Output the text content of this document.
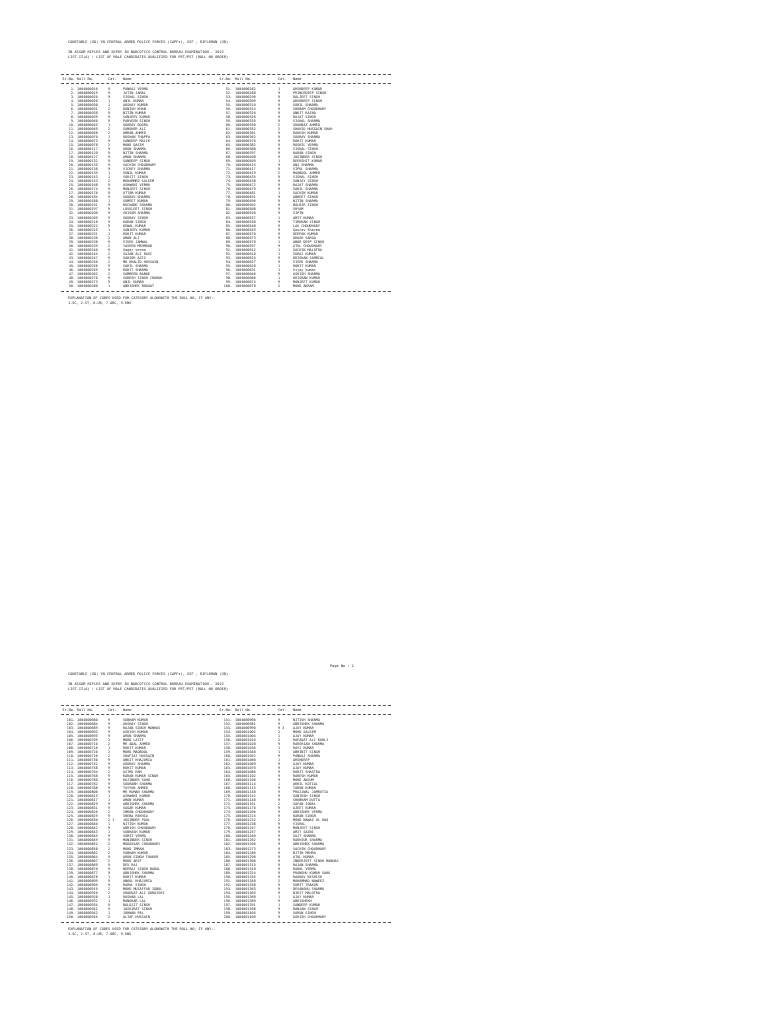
CONSTABLE (GD) IN CENTRAL ARMED POLICE FORCES (CAPFs), SSF , RIFLEMAN (GD)
IN ASSAM RIFLES AND SEPOY IN NARCOTICS CONTROL BUREAU EXAMINATION - 2022
LIST-II(A) : LIST OF MALE CANDIDATES QUALIFIED FOR PET/PST (ROLL NO ORDER)
Sr.No. Roll No.	Cat. Name	Sr.No. Roll No.	Cat. Name
1. 1004000016	9	PANKAJ VERMA	51. 1004000282	1	ARSHDEEP KUMAR
2. 1004000019	9	JATIN JAMAL	52. 1004000288	9	PRINCEDEEP SINGH
3. 1004000020	9	VISHAL SINGH	53. 1004000296	9	DALJEET SINGH
4. 1004000026	1	ANIL KUMAR	54. 1004000309	9	ARSHDEEP SINGH
5. 1004000030	1	AKSHAY KUMAR	55. 1004000310	9	SAHIL SHARMA
6. 1004000031	2	DANISH KHAN	56. 1004000314	9	SHUBAM CHOUDHARY
7. 1004000038	9	NITIN KUMAR	57. 1004000316	9	ANKIT RAINA
8. 1004000039	9	SANJEEV KUMAR	58. 1004000326	9	RAJAT SINGH
9. 1004000040	9	PARVEEN SINGH	59. 1004000335	9	VISHAL SHARMA
10. 1004000045	1	GOURAV DOGRA	60. 1004000350	2	SHAHBAZ AHMED
11. 1004000049	2	SAMSHER ALI	61. 1004000352	2	SHAHID HUSSAIN SHAH
12. 1004000058	2	AMRAN AHMED	62. 1004000361	9	RAKESH KUMAR
13. 1004000070	1	ROSHAN THAPPA	63. 1004000362	9	SOURAV SHARMA
14. 1004000073	9	SANDEEP MALIK	64. 1004000376	9	ROHIT KUMAR
15. 1004000078	2	MOHD QASIM	65. 1004000382	9	ROSHIL VERMA
16. 1004000117	9	ARUN SHARMA	66. 1004000388	9	VISHAL SINGH
17. 1004000120	9	NITIN SHARMA	67. 1004000397	9	KARAN SINGH
18. 1004000127	9	AMAN SHARMA	68. 1004000408	9	JOGINDER SINGH
19. 1004000132	9	SANDEEP SINGH	69. 1004000409	1	DEEKSHIT KUMAR
20. 1004000135	9	SACHIN CHOUDHARY	70. 1004000414	9	ANI SHARMA
21. 1004000138	9	VICKEY SHARMA	71. 1004000417	9	VIPUL SHARMA
22. 1004000139	1	SUNIL KUMAR	72. 1004000419	2	MAQBOOL AHMED
23. 1004000143	1	SURJIT SINGH	73. 1004000435	9	VISHAL SINGH
24. 1004000153	2	MOHAMMED SALEEM	74. 1004000438	9	SANJAY SINGH
25. 1004000168	9	ASHWANI VERMA	75. 1004000472	9	RAJAT SHARMA
26. 1004000174	9	MANJEET SINGH	76. 1004000479	9	SAHIL SHARMA
27. 1004000176	9	UTTAM KUMAR	77. 1004000481	1	SACHIN KUMAR
28. 1004000184	9	GOURAV SHARMA	78. 1004000491	9	ABHEET SINGH
29. 1004000188	1	SUMEET KUMAR	79. 1004000496	9	NITIN SHARMA
30. 1004000191	9	RUCHANG SHARMA	80. 1004000502	9	BALBIR SINGH
31. 1004000197	9	LOVELEET SINGH	81. 1004000508	9	SHYAM
32. 1004000200	9	SHIVAM SHARMA	82. 1004000520	9	VIPIN
33. 1004000209	9	GOURAV SINGH	83. 1004000537	1	AMIT KUMAR
34. 1004000218	9	KARAN SINGH	84. 1004000538	9	TIRKHAN SINGH
35. 1004000222	9	KEWAL KUMAR	85. 1004000548	9	LAV CHOUDHARY
36. 1004000225	1	SANJEEV KUMAR	86. 1004000549	9	Gourav Sharma
37. 1004000231	1	ROHIT KUMAR	87. 1004000570	9	DEEPAK KUMAR
38. 1004000236	2	AMAN ALI	88. 1004000573	9	AKASH SAROA
39. 1004000238	9	VIVEK JAMWAL	89. 1004000578	1	AMAR DEEP SINGH
40. 1004000239	2	YASEEN MEHMOOD	90. 1004000597	9	ATUL CHOUDHARY
41. 1004000240	9	Sagar verma	91. 1004000612	1	SACHIN MALOTRA
42. 1004000244	2	SAJAN ALI RAVI	92. 1004000618	1	SURAJ KUMAR
43. 1004000247	9	SAHIOR AZIZ	93. 1004000625	9	KRISHAN SAMBIAL
44. 1004000250	2	MD KHALID HUSSAIN	94. 1004000627	9	VIVEK SHARMA
45. 1004000256	9	SAHIL SHARMA	95. 1004000628	1	ROHIT KUMAR
46. 1004000259	9	ROHIT SHARMA	96. 1004000631	1	Vijay kumar
47. 1004000262	2	SAMREEN BANOE	97. 1004000646	9	ASHISH SHARMA
48. 1004000270	9	SURESH SINGH CHARAK	98. 1004000666	1	KRISHAN KUMAR
49. 1004000273	9	ANIL KUMAR	99. 1004000674	9	MANJEET KUMAR
50. 1004000280	1	ABHISHEK BHAGAT	100. 1004000678	2	MOHD AKRAM
EXPLANATION OF CODES USED FOR CATEGORY ALONGWITH THE ROLL NO, IF ANY:-
1-SC, 2-ST, 6-UR, 7-OBC, 9-EWS
Page No : 2
CONSTABLE (GD) IN CENTRAL ARMED POLICE FORCES (CAPFs), SSF , RIFLEMAN (GD)
IN ASSAM RIFLES AND SEPOY IN NARCOTICS CONTROL BUREAU EXAMINATION - 2022
LIST-II(A) : LIST OF MALE CANDIDATES QUALIFIED FOR PET/PST (ROLL NO ORDER)
Sr.No. Roll No.	Cat. Name	Sr.No. Roll No.	Cat. Name
101. 1004000680	9	SUBHAM KUMAR	151. 1004000966	9	NITISH SHARMA
102. 1004000684	9	AKSHAY SINGH	152. 1004000981	9	ABHISHEK SHARMA
103. 1004000689	9	RAJAN SINGH MANHAS	153. 1004000990	9 3	AJAY KUMAR
104. 1004000693	9	ASHISH KUMAR	154. 1004001002	2	MOHD SALEEM
105. 1004000695	9	ARUN SHARMA	155. 1004001004	1	AJAY KUMAR
106. 1004000705	2	MOHD LATIF	156. 1004001016	2	RAFAQAT ALI KOHLI
107. 1004000710	2	MR ADAL AHMED	157. 1004001028	9	RAKSHIAN SHARMA
108. 1004000718	1	ROHIT KUMAR	158. 1004001036	1	RAVI KUMAR
109. 1004000720	2	MOHD MAQBOOL	159. 1004001048	1	ABHINIT SINGH
110. 1004000728	2	SHAFIAT HUSSAIN	160. 1004001052	9	PANKAJ SHARMA
111. 1004000730	9	ANKIT KHAJURIA	161. 1004001066	1	ARSHDEEP
112. 1004000742	9	GOURAV SHARMA	162. 1004001069	9	AJAY KUMAR
113. 1004000758	9	ROHIT KUMAR	163. 1004001076	9	AJAY KUMAR
114. 1004000764	2	ASTRO RAM	164. 1004001086	9	ROHIT SHASTRA
115. 1004000768	9	KARAN KUMAR SINGH	165. 1004001102	9	RAKESH KUMAR
116. 1004000780	9	RAJINDER SAHU	166. 1004001106	9	MOHD ANJUM
117. 1004000782	9	SOURABH SHARMA	167. 1004001114	1	AKHIL KOTIAL
118. 1004000788	9	TAYYUB AHMED	168. 1004001115	9	TARUN KUMAR
119. 1004000806	9	MR RUMAN SHARMA	169. 1004001148	9	PRAJJWAL JAMRUTIA
120. 1004000815	1	ASHWANI KUMAR	170. 1004001142	9	SANTOSH SINGH
121. 1004000817	1	AMAN KUMAR	171. 1004001148	9	SHUBHAM DUTTA
122. 1004000829	9	ABHISHEK SHARMA	172. 1004001161	2	SAFAN IQBAL
123. 1004000831	9	SAGAR KUMAR	173. 1004001170	9	AJEET KUMAR
124. 1004000826	2	IMRAN CHOUDHARY	174. 1004001206	9	ABHISHEK VERMA
125. 1004000829	9	SHEBA REKHIA	175. 1004001215	9	KARAN SINGH
126. 1004000830	2 1	JOGINDER PAUL	176. 1004001232	2	MOHD NAWAZ UL HAQ
127. 1004000840	1	NITISH KUMAR	177. 1004001238	9	VISHAL
128. 1004000842	9	ABHISH CHOUDHARY	178. 1004001247	9	MANJEET SINGH
129. 1004000843	1	SUBHASH KUMAR	179. 1004001257	9	AMIT SAINI
130. 1004000845	9	SUMIT VERMA	180. 1004001260	9	SUJT SHARMA
131. 1004000849	9	MANINDER SINGH	181. 1004001262	9	RAKHIUR SHARMA
132. 1004000852	2	MUDASSAR CHOUDHARY	182. 1004001266	9	ABHISHEK SHARMA
133. 1004000858	2	MOHD IMRAN	183. 1004001273	9	SACHIN CHOUDHARY
134. 1004000862	2	SUBHAM KUMAR	184. 1004001286	9	NITIN MEHRA
135. 1004000864	9	ARUN SINGH THAKUR	185. 1004001298	9	ATUL KUMAR
136. 1004000867	2	MOHD ARIF	186. 1004001308	9	INDERJEET SINGH MANHAS
137. 1004000869	9	DEV RAJ	187. 1004001315	9	RAJAN SHARMA
138. 1004000870	9	NEERAJ SINGH BADAL	188. 1004001318	9	RAHUL VERMA
139. 1004000877	9	ABHISHEK SHARMA	189. 1004001324	9	PRANSHU KUMAR SAHU
140. 1004000878	1	ROHIT KUMAR	190. 1004001335	9	RAGHAV KESHISH
141. 1004000899	9	ANKUL KHAJURIA	191. 1004001348	2	MOHAMMAD NAWEEZ
142. 1004000905	9	RAHUL SINGH	192. 1004001358	9	SUMIT TRAKUR
143. 1004000919	2	MOHD MUZAFFAR IQBAL	193. 1004001363	9	DEVANSHU SHARMA
144. 1004000926	2	SHAKUAT ALI QURAISHI	194. 1004001365	9	NIKIT MALOTRA
145. 1004000928	1	ROSHAN LAL	195. 1004001368	1	AJAY KUMAR
146. 1004000932	1	MANOHAR LAL	196. 1004001389	9	ABHISHEKH
147. 1004000934	9	BALDJIT SINGH	197. 1004001391	1	SANDEEP KUMAR
148. 1004000941	9	JASKIRAT SINGH	198. 1004001398	9	RANJAN SINGH
149. 1004000942	1	JOHNAN PAL	199. 1004001405	9	VARUN SINGH
150. 1004000945	2	ALTAF HUSSAIN	200. 1004001409	9	ASHISH CHOUDHARY
EXPLANATION OF CODES USED FOR CATEGORY ALONGWITH THE ROLL NO, IF ANY:-
1-SC, 2-ST, 6-UR, 7-OBC, 9-EWS
